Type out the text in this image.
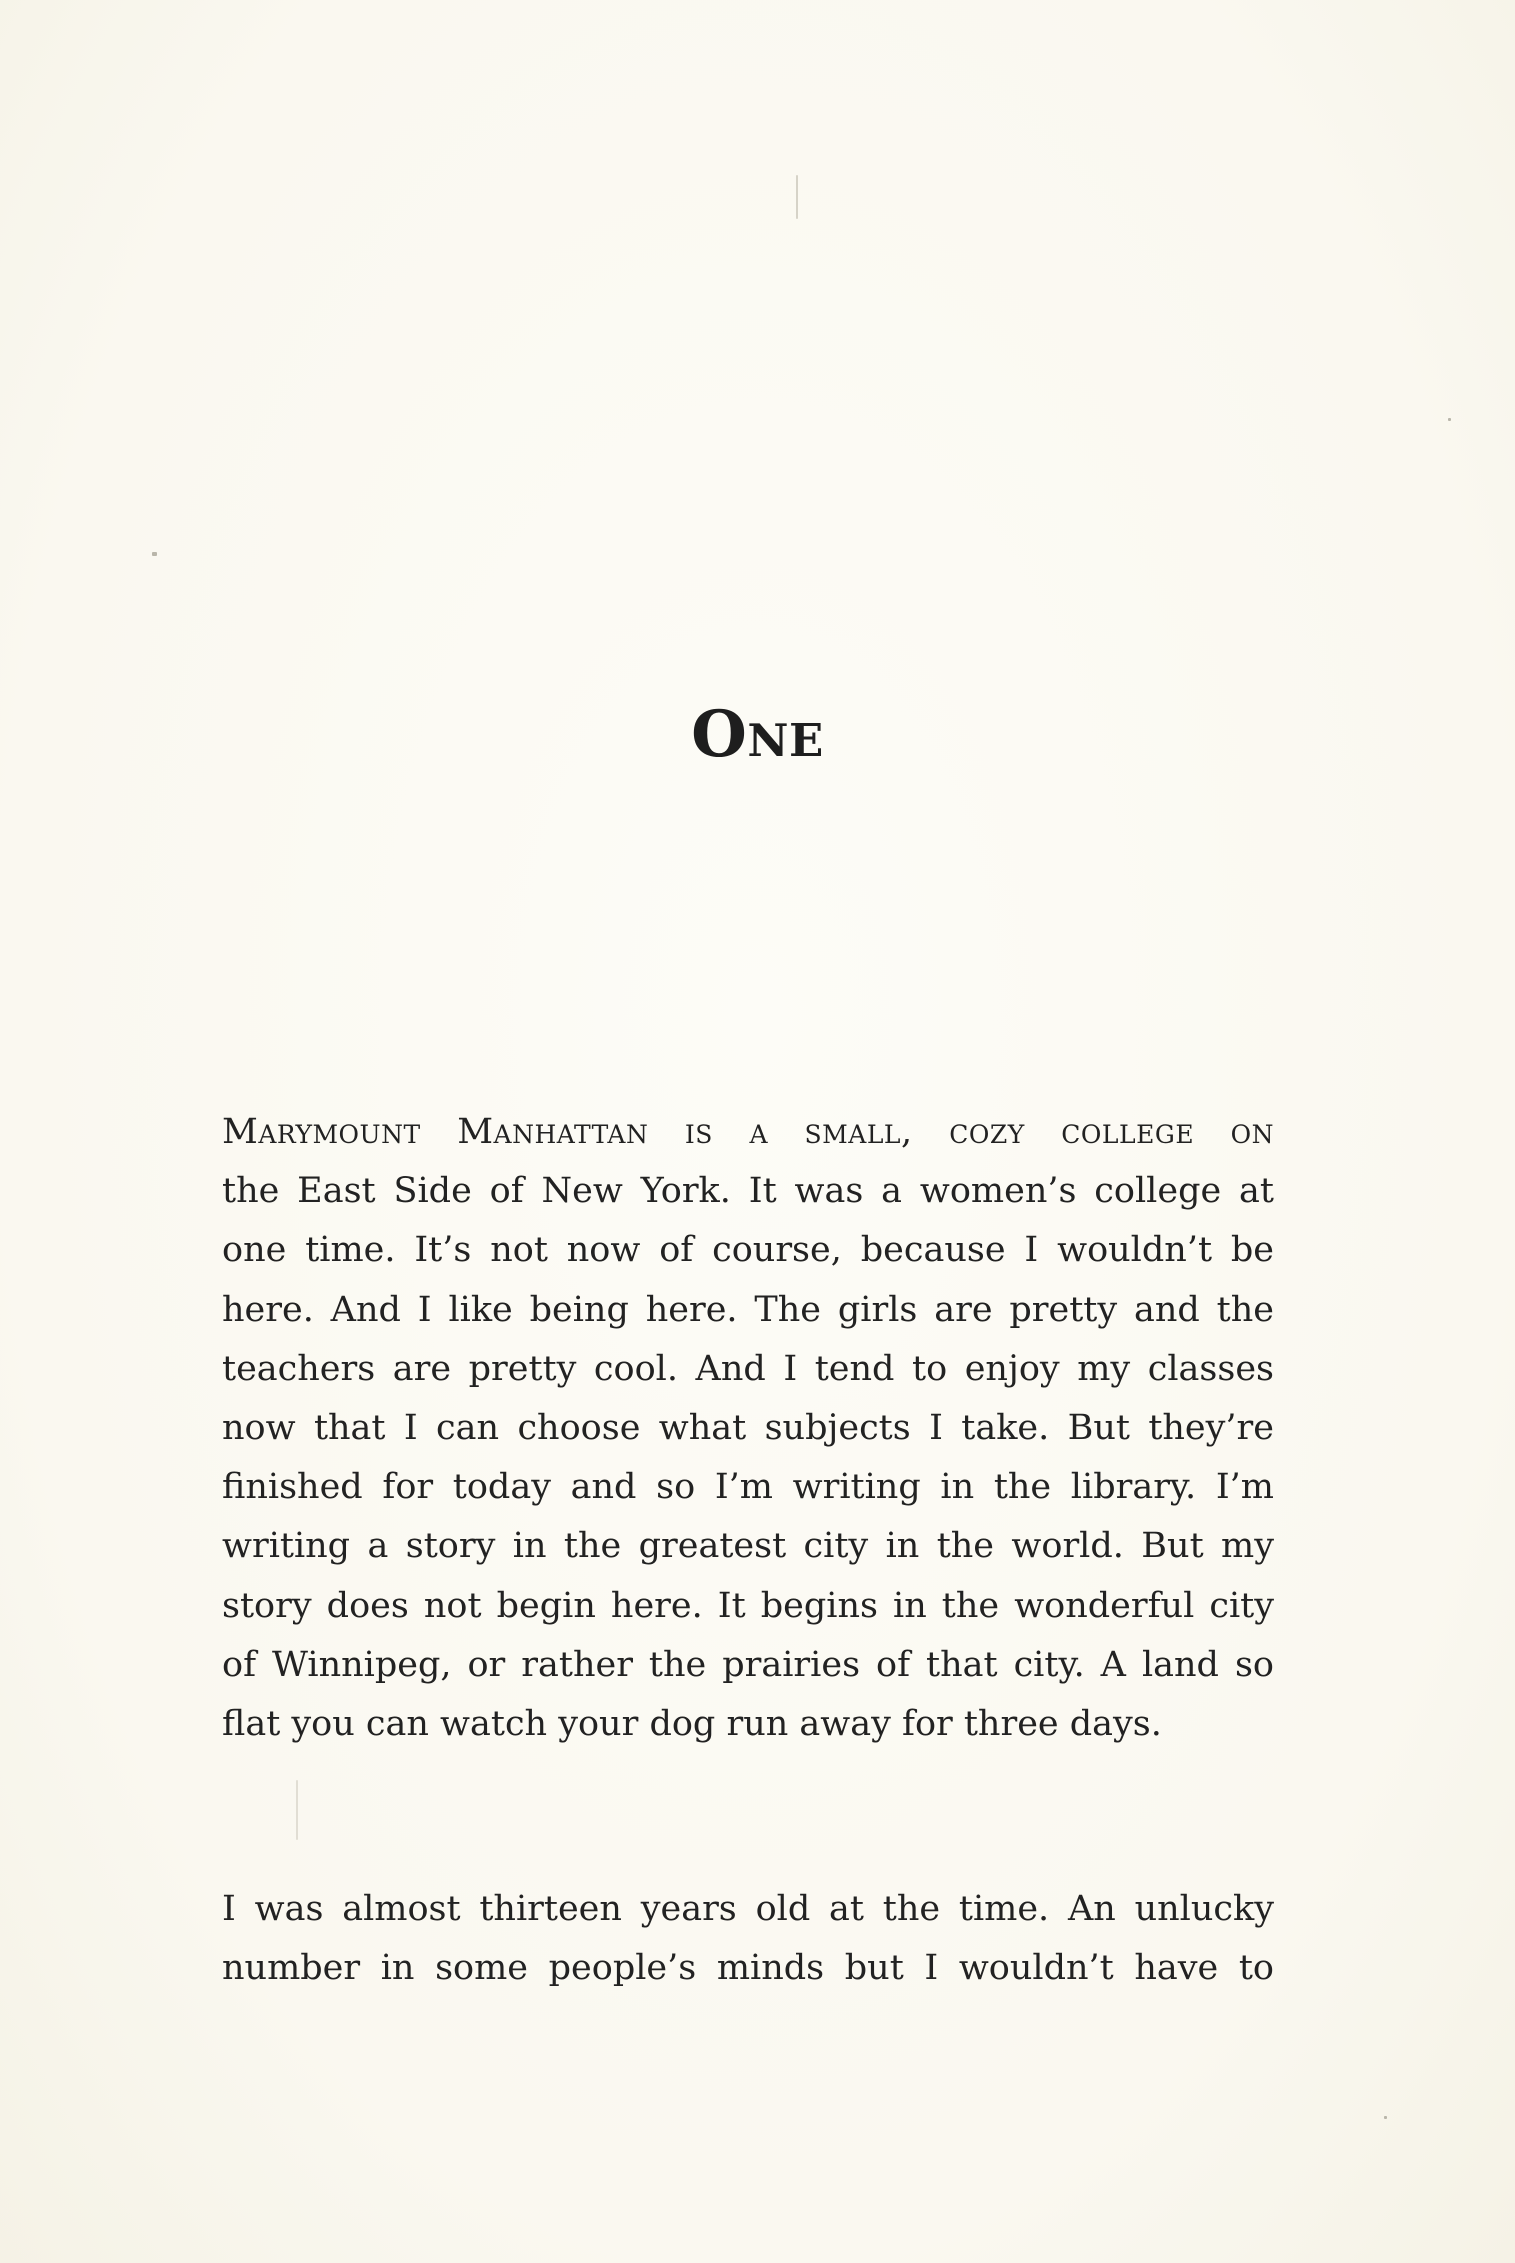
One

Marymount Manhattan is a small, cozy college on
the East Side of New York. It was a women’s college at
one time. It’s not now of course, because I wouldn’t be
here. And I like being here. The girls are pretty and the
teachers are pretty cool. And I tend to enjoy my classes
now that I can choose what subjects I take. But they’re
finished for today and so I’m writing in the library. I’m
writing a story in the greatest city in the world. But my
story does not begin here. It begins in the wonderful city
of Winnipeg, or rather the prairies of that city. A land so
flat you can watch your dog run away for three days.

I was almost thirteen years old at the time. An unlucky
number in some people’s minds but I wouldn’t have to
